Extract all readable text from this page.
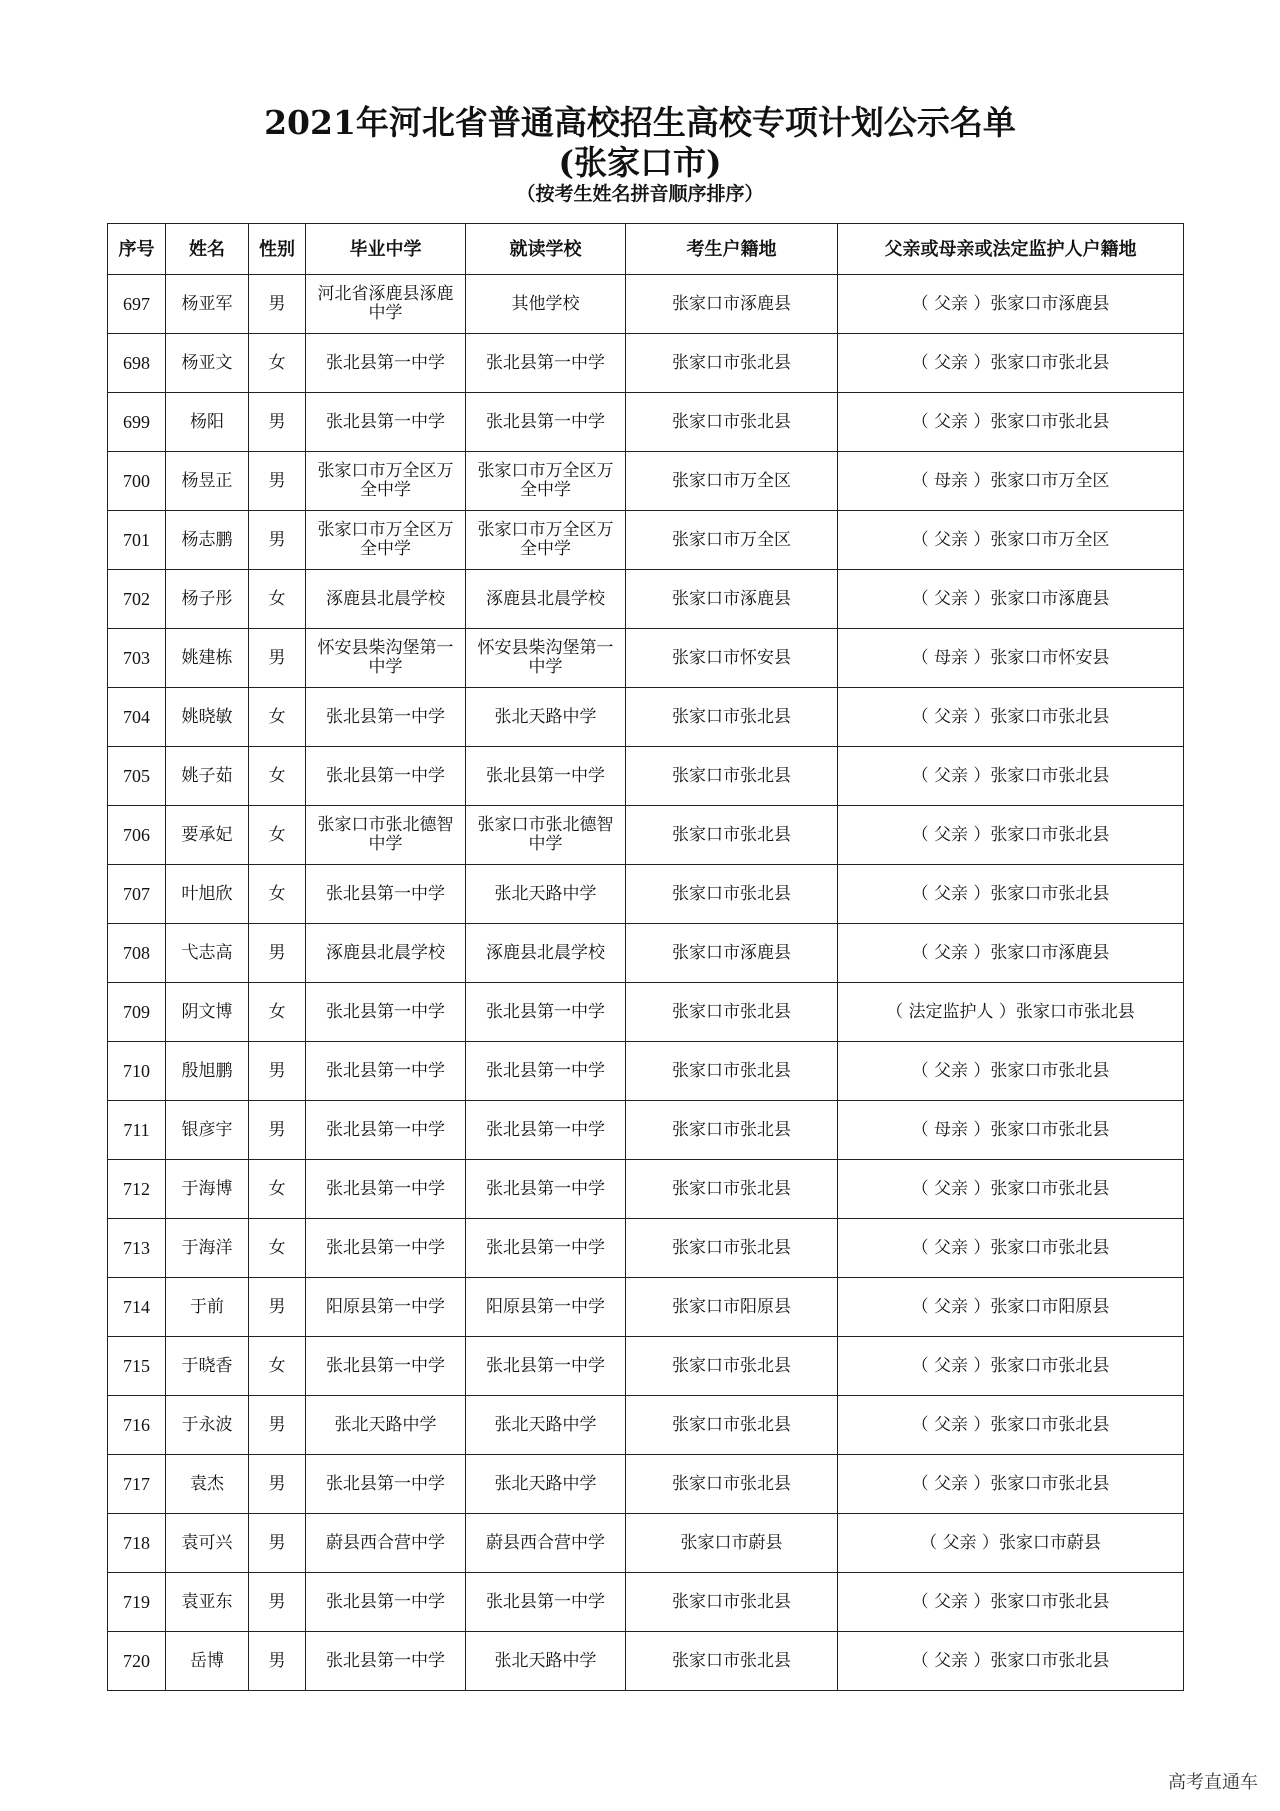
2021年河北省普通高校招生高校专项计划公示名单
(张家口市)
（按考生姓名拼音顺序排序）
序号	姓名	性别	毕业中学	就读学校	考生户籍地	父亲或母亲或法定监护人户籍地
697	杨亚军	男	河北省涿鹿县涿鹿中学	其他学校	张家口市涿鹿县	（ 父亲 ）张家口市涿鹿县
698	杨亚文	女	张北县第一中学	张北县第一中学	张家口市张北县	（ 父亲 ）张家口市张北县
699	杨阳	男	张北县第一中学	张北县第一中学	张家口市张北县	（ 父亲 ）张家口市张北县
700	杨昱正	男	张家口市万全区万全中学	张家口市万全区万全中学	张家口市万全区	（ 母亲 ）张家口市万全区
701	杨志鹏	男	张家口市万全区万全中学	张家口市万全区万全中学	张家口市万全区	（ 父亲 ）张家口市万全区
702	杨子彤	女	涿鹿县北晨学校	涿鹿县北晨学校	张家口市涿鹿县	（ 父亲 ）张家口市涿鹿县
703	姚建栋	男	怀安县柴沟堡第一中学	怀安县柴沟堡第一中学	张家口市怀安县	（ 母亲 ）张家口市怀安县
704	姚晓敏	女	张北县第一中学	张北天路中学	张家口市张北县	（ 父亲 ）张家口市张北县
705	姚子茹	女	张北县第一中学	张北县第一中学	张家口市张北县	（ 父亲 ）张家口市张北县
706	要承妃	女	张家口市张北德智中学	张家口市张北德智中学	张家口市张北县	（ 父亲 ）张家口市张北县
707	叶旭欣	女	张北县第一中学	张北天路中学	张家口市张北县	（ 父亲 ）张家口市张北县
708	弋志高	男	涿鹿县北晨学校	涿鹿县北晨学校	张家口市涿鹿县	（ 父亲 ）张家口市涿鹿县
709	阴文博	女	张北县第一中学	张北县第一中学	张家口市张北县	（ 法定监护人 ）张家口市张北县
710	殷旭鹏	男	张北县第一中学	张北县第一中学	张家口市张北县	（ 父亲 ）张家口市张北县
711	银彦宇	男	张北县第一中学	张北县第一中学	张家口市张北县	（ 母亲 ）张家口市张北县
712	于海博	女	张北县第一中学	张北县第一中学	张家口市张北县	（ 父亲 ）张家口市张北县
713	于海洋	女	张北县第一中学	张北县第一中学	张家口市张北县	（ 父亲 ）张家口市张北县
714	于前	男	阳原县第一中学	阳原县第一中学	张家口市阳原县	（ 父亲 ）张家口市阳原县
715	于晓香	女	张北县第一中学	张北县第一中学	张家口市张北县	（ 父亲 ）张家口市张北县
716	于永波	男	张北天路中学	张北天路中学	张家口市张北县	（ 父亲 ）张家口市张北县
717	袁杰	男	张北县第一中学	张北天路中学	张家口市张北县	（ 父亲 ）张家口市张北县
718	袁可兴	男	蔚县西合营中学	蔚县西合营中学	张家口市蔚县	（ 父亲 ）张家口市蔚县
719	袁亚东	男	张北县第一中学	张北县第一中学	张家口市张北县	（ 父亲 ）张家口市张北县
720	岳博	男	张北县第一中学	张北天路中学	张家口市张北县	（ 父亲 ）张家口市张北县
高考直通车
